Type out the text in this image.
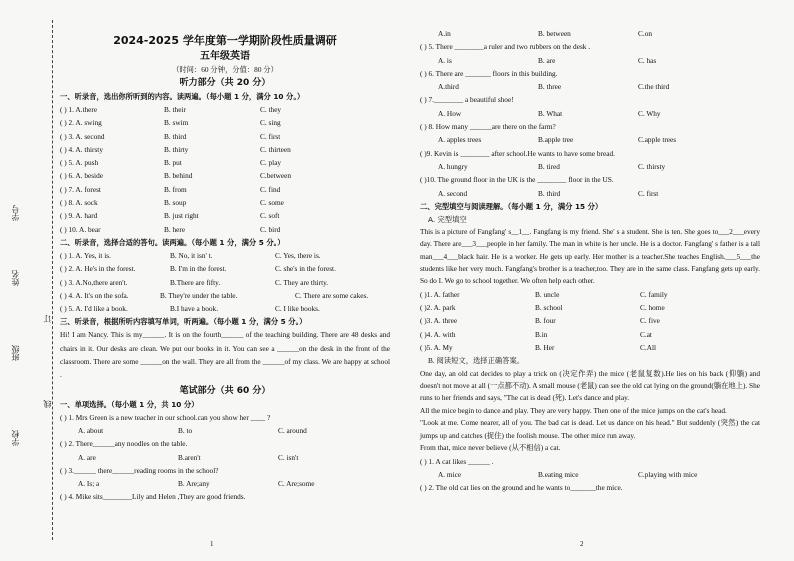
学号
姓名
班级
学校
订
线
2024-2025 学年度第一学期阶段性质量调研
五年级英语
（时间：60 分钟，分值：80 分）
听力部分（共 20 分）
一、听录音，选出你所听到的内容。读两遍。（每小题 1 分，满分 10 分。）
( ) 1. A.there	B. their	C. they
( ) 2. A. swing	B. swim	C. sing
( ) 3. A. second	B. third	C. first
( ) 4. A. thirsty	B. thirty	C. thirteen
( ) 5. A. push	B. put	C. play
( ) 6. A. beside	B. behind	C.between
( ) 7. A. forest	B. from	C. find
( ) 8. A. sock	B. soup	C. some
( ) 9. A. hard	B. just right	C. soft
( ) 10. A. bear	B. here	C. bird
二、听录音，选择合适的答句。读两遍。（每小题 1 分，满分 5 分。）
( ) 1. A. Yes, it is.	B. No, it isn' t.	C. Yes, there is.
( ) 2. A. He's in the forest.	B. I'm in the forest.	C. she's in the forest.
( ) 3. A.No,there aren't.	B.There are fifty.	C. They are thirty.
( ) 4. A. It's on the sofa.	B. They're under the table.	C. There are some cakes.
( ) 5. A. I'd like a book.	B.I have a book.	C. I like books.
三、听录音，根据所听内容填写单词，听两遍。（每小题 1 分，满分 5 分。）
Hi! I am Nancy. This is my______. It is on the fourth______ of the teaching building. There are 48 desks and chairs in it. Our desks are clean. We put our books in it. You can see a ______on the desk in the front of the classroom. There are some ______on the wall. They are all from the ______of my class. We are happy at school .
笔试部分（共 60 分）
一、单项选择。（每小题 1 分，共 10 分）
( ) 1. Mrs Green is a new teacher in our school.can you show her ____ ?
A. about	B. to	C. around
( ) 2. There______any noodles on the table.
A. are	B.aren't	C. isn't
( ) 3.______ there______reading rooms in the school?
A. Is; a	B. Are;any	C. Are;some
( ) 4. Mike sits________Lily and Helen ,They are good friends.
1
A.in	B. between	C.on
( ) 5. There ________a ruler and two rubbers on the desk .
A. is	B. are	C. has
( ) 6. There are _______ floors in this building.
A.third	B. three	C.the third
( ) 7.________ a beautiful shoe!
A. How	B. What	C. Why
( ) 8. How many ______are there on the farm?
A. apples trees	B.apple tree	C.apple trees
( )9. Kevin is ________ after school.He wants to have some bread.
A. hungry	B. tired	C. thirsty
( )10. The ground floor in the UK is the ________ floor in the US.
A. second	B. third	C. first
二、完型填空与阅读理解。（每小题 1 分，满分 15 分）
A. 完型填空
This is a picture of Fangfang' s__1__. Fangfang is my friend. She' s a student. She is ten. She goes to___2___every day. There are___3___people in her family. The man in white is her uncle. He is a doctor. Fangfang' s father is a tall man___4___black hair. He is a worker. He gets up early. Her mother is a teacher.She teaches English.___5___the students like her very much. Fangfang's brother is a teacher,too. They are in the same class. Fangfang gets up early. So do I. We go to school together. We often help each other.
( )1. A. father	B. uncle	C. family
( )2. A. park	B. school	C. home
( )3. A. three	B. four	C. five
( )4. A. with	B.in	C.at
( )5. A. My	B. Her	C.All
B. 阅读短文，选择正确答案。
One day, an old cat decides to play a trick on (决定作弄) the mice (老鼠复数).He lies on his back (仰躺) and doesn't not move at all (一点都不动). A small mouse (老鼠) can see the old cat lying on the ground(躺在地上). She runs to her friends and says, "The cat is dead (死). Let's dance and play.
All the mice begin to dance and play. They are very happy. Then one of the mice jumps on the cat's head.
"Look at me. Come nearer, all of you. The bad cat is dead. Let us dance on his head." But suddenly (突然) the cat jumps up and catches (捉住) the foolish mouse. The other mice run away.
From that, mice never believe (从不相信) a cat.
( ) 1. A cat likes ______ .
A. mice	B.eating mice	C.playing with mice
( ) 2. The old cat lies on the ground and he wants to_______the mice.
2
